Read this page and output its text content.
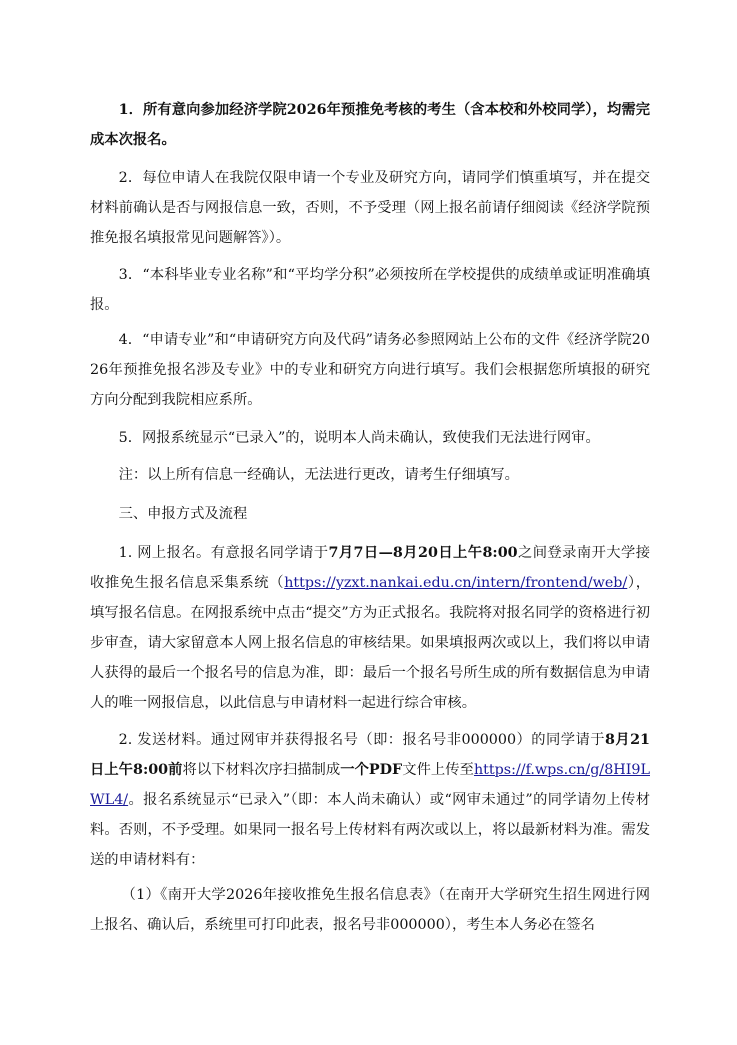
1．所有意向参加经济学院2026年预推免考核的考生（含本校和外校同学），均需完成本次报名。

2．每位申请人在我院仅限申请一个专业及研究方向，请同学们慎重填写，并在提交材料前确认是否与网报信息一致，否则，不予受理（网上报名前请仔细阅读《经济学院预推免报名填报常见问题解答》）。

3．“本科毕业专业名称”和“平均学分积”必须按所在学校提供的成绩单或证明准确填报。

4．“申请专业”和“申请研究方向及代码”请务必参照网站上公布的文件《经济学院2026年预推免报名涉及专业》中的专业和研究方向进行填写。我们会根据您所填报的研究方向分配到我院相应系所。

5．网报系统显示“已录入”的，说明本人尚未确认，致使我们无法进行网审。

注：以上所有信息一经确认，无法进行更改，请考生仔细填写。

三、申报方式及流程

1. 网上报名。有意报名同学请于7月7日—8月20日上午8:00之间登录南开大学接收推免生报名信息采集系统（https://yzxt.nankai.edu.cn/intern/frontend/web/），填写报名信息。在网报系统中点击“提交”方为正式报名。我院将对报名同学的资格进行初步审查，请大家留意本人网上报名信息的审核结果。如果填报两次或以上，我们将以申请人获得的最后一个报名号的信息为准，即：最后一个报名号所生成的所有数据信息为申请人的唯一网报信息，以此信息与申请材料一起进行综合审核。

2. 发送材料。通过网审并获得报名号（即：报名号非000000）的同学请于8月21日上午8:00前将以下材料次序扫描制成一个PDF文件上传至https://f.wps.cn/g/8HI9LWL4/。报名系统显示“已录入”（即：本人尚未确认）或“网审未通过”的同学请勿上传材料。否则，不予受理。如果同一报名号上传材料有两次或以上，将以最新材料为准。需发送的申请材料有：

（1）《南开大学2026年接收推免生报名信息表》（在南开大学研究生招生网进行网上报名、确认后，系统里可打印此表，报名号非000000），考生本人务必在签名
